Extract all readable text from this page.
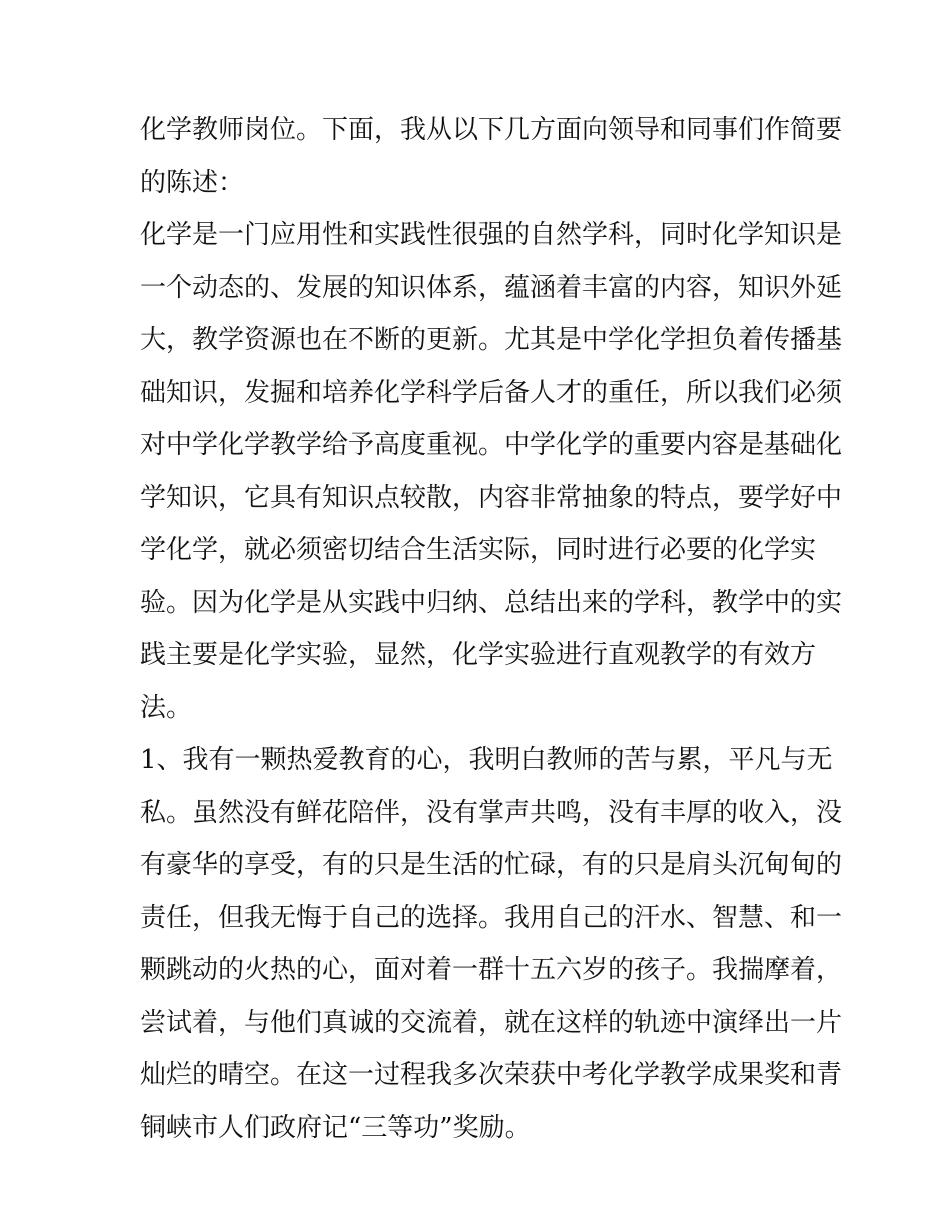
化学教师岗位。下面，我从以下几方面向领导和同事们作简要
的陈述：
化学是一门应用性和实践性很强的自然学科，同时化学知识是
一个动态的、发展的知识体系，蕴涵着丰富的内容，知识外延
大，教学资源也在不断的更新。尤其是中学化学担负着传播基
础知识，发掘和培养化学科学后备人才的重任，所以我们必须
对中学化学教学给予高度重视。中学化学的重要内容是基础化
学知识，它具有知识点较散，内容非常抽象的特点，要学好中
学化学，就必须密切结合生活实际，同时进行必要的化学实
验。因为化学是从实践中归纳、总结出来的学科，教学中的实
践主要是化学实验，显然，化学实验进行直观教学的有效方
法。
1、我有一颗热爱教育的心，我明白教师的苦与累，平凡与无
私。虽然没有鲜花陪伴，没有掌声共鸣，没有丰厚的收入，没
有豪华的享受，有的只是生活的忙碌，有的只是肩头沉甸甸的
责任，但我无悔于自己的选择。我用自己的汗水、智慧、和一
颗跳动的火热的心，面对着一群十五六岁的孩子。我揣摩着，
尝试着，与他们真诚的交流着，就在这样的轨迹中演绎出一片
灿烂的晴空。在这一过程我多次荣获中考化学教学成果奖和青
铜峡市人们政府记“三等功”奖励。
